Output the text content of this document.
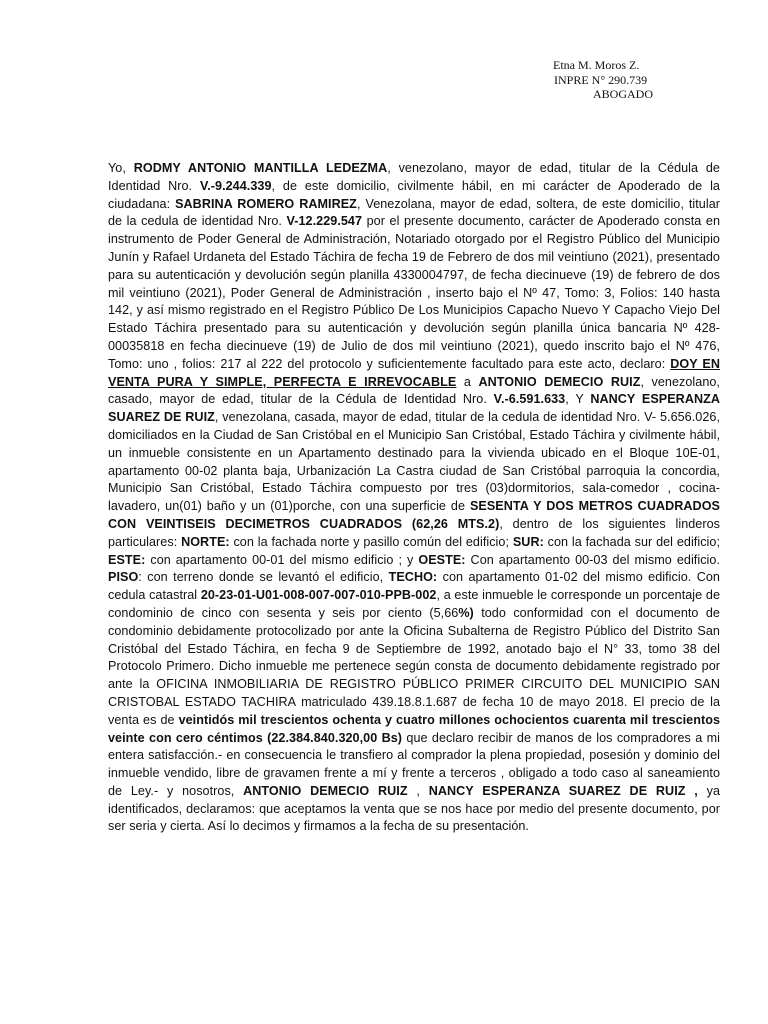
Etna M. Moros Z.
INPRE N° 290.739
ABOGADO
Yo, RODMY ANTONIO MANTILLA LEDEZMA, venezolano, mayor de edad, titular de la Cédula de Identidad Nro. V.-9.244.339, de este domicilio, civilmente hábil, en mi carácter de Apoderado de la ciudadana: SABRINA ROMERO RAMIREZ, Venezolana, mayor de edad, soltera, de este domicilio, titular de la cedula de identidad Nro. V-12.229.547 por el presente documento, carácter de Apoderado consta en instrumento de Poder General de Administración, Notariado otorgado por el Registro Público del Municipio Junín y Rafael Urdaneta del Estado Táchira de fecha 19 de Febrero de dos mil veintiuno (2021), presentado para su autenticación y devolución según planilla 4330004797, de fecha diecinueve (19) de febrero de dos mil veintiuno (2021), Poder General de Administración , inserto bajo el Nº 47, Tomo: 3, Folios: 140 hasta 142, y así mismo registrado en el Registro Público De Los Municipios Capacho Nuevo Y Capacho Viejo Del Estado Táchira presentado para su autenticación y devolución según planilla única bancaria Nº 428-00035818 en fecha diecinueve (19) de Julio de dos mil veintiuno (2021), quedo inscrito bajo el Nº 476, Tomo: uno , folios: 217 al 222 del protocolo y suficientemente facultado para este acto, declaro: DOY EN VENTA PURA Y SIMPLE, PERFECTA E IRREVOCABLE a ANTONIO DEMECIO RUIZ, venezolano, casado, mayor de edad, titular de la Cédula de Identidad Nro. V.-6.591.633, Y NANCY ESPERANZA SUAREZ DE RUIZ, venezolana, casada, mayor de edad, titular de la cedula de identidad Nro. V- 5.656.026, domiciliados en la Ciudad de San Cristóbal en el Municipio San Cristóbal, Estado Táchira y civilmente hábil, un inmueble consistente en un Apartamento destinado para la vivienda ubicado en el Bloque 10E-01, apartamento 00-02 planta baja, Urbanización La Castra ciudad de San Cristóbal parroquia la concordia, Municipio San Cristóbal, Estado Táchira compuesto por tres (03)dormitorios, sala-comedor , cocina-lavadero, un(01) baño y un (01)porche, con una superficie de SESENTA Y DOS METROS CUADRADOS CON VEINTISEIS DECIMETROS CUADRADOS (62,26 MTS.2), dentro de los siguientes linderos particulares: NORTE: con la fachada norte y pasillo común del edificio; SUR: con la fachada sur del edificio; ESTE: con apartamento 00-01 del mismo edificio ; y OESTE: Con apartamento 00-03 del mismo edificio. PISO: con terreno donde se levantó el edificio, TECHO: con apartamento 01-02 del mismo edificio. Con cedula catastral 20-23-01-U01-008-007-007-010-PPB-002, a este inmueble le corresponde un porcentaje de condominio de cinco con sesenta y seis por ciento (5,66%) todo conformidad con el documento de condominio debidamente protocolizado por ante la Oficina Subalterna de Registro Público del Distrito San Cristóbal del Estado Táchira, en fecha 9 de Septiembre de 1992, anotado bajo el N° 33, tomo 38 del Protocolo Primero. Dicho inmueble me pertenece según consta de documento debidamente registrado por ante la OFICINA INMOBILIARIA DE REGISTRO PÚBLICO PRIMER CIRCUITO DEL MUNICIPIO SAN CRISTOBAL ESTADO TACHIRA matriculado 439.18.8.1.687 de fecha 10 de mayo 2018. El precio de la venta es de veintidós mil trescientos ochenta y cuatro millones ochocientos cuarenta mil trescientos veinte con cero céntimos (22.384.840.320,00 Bs) que declaro recibir de manos de los compradores a mi entera satisfacción.- en consecuencia le transfiero al comprador la plena propiedad, posesión y dominio del inmueble vendido, libre de gravamen frente a mí y frente a terceros , obligado a todo caso al saneamiento de Ley.- y nosotros, ANTONIO DEMECIO RUIZ , NANCY ESPERANZA SUAREZ DE RUIZ , ya identificados, declaramos: que aceptamos la venta que se nos hace por medio del presente documento, por ser seria y cierta. Así lo decimos y firmamos a la fecha de su presentación.
